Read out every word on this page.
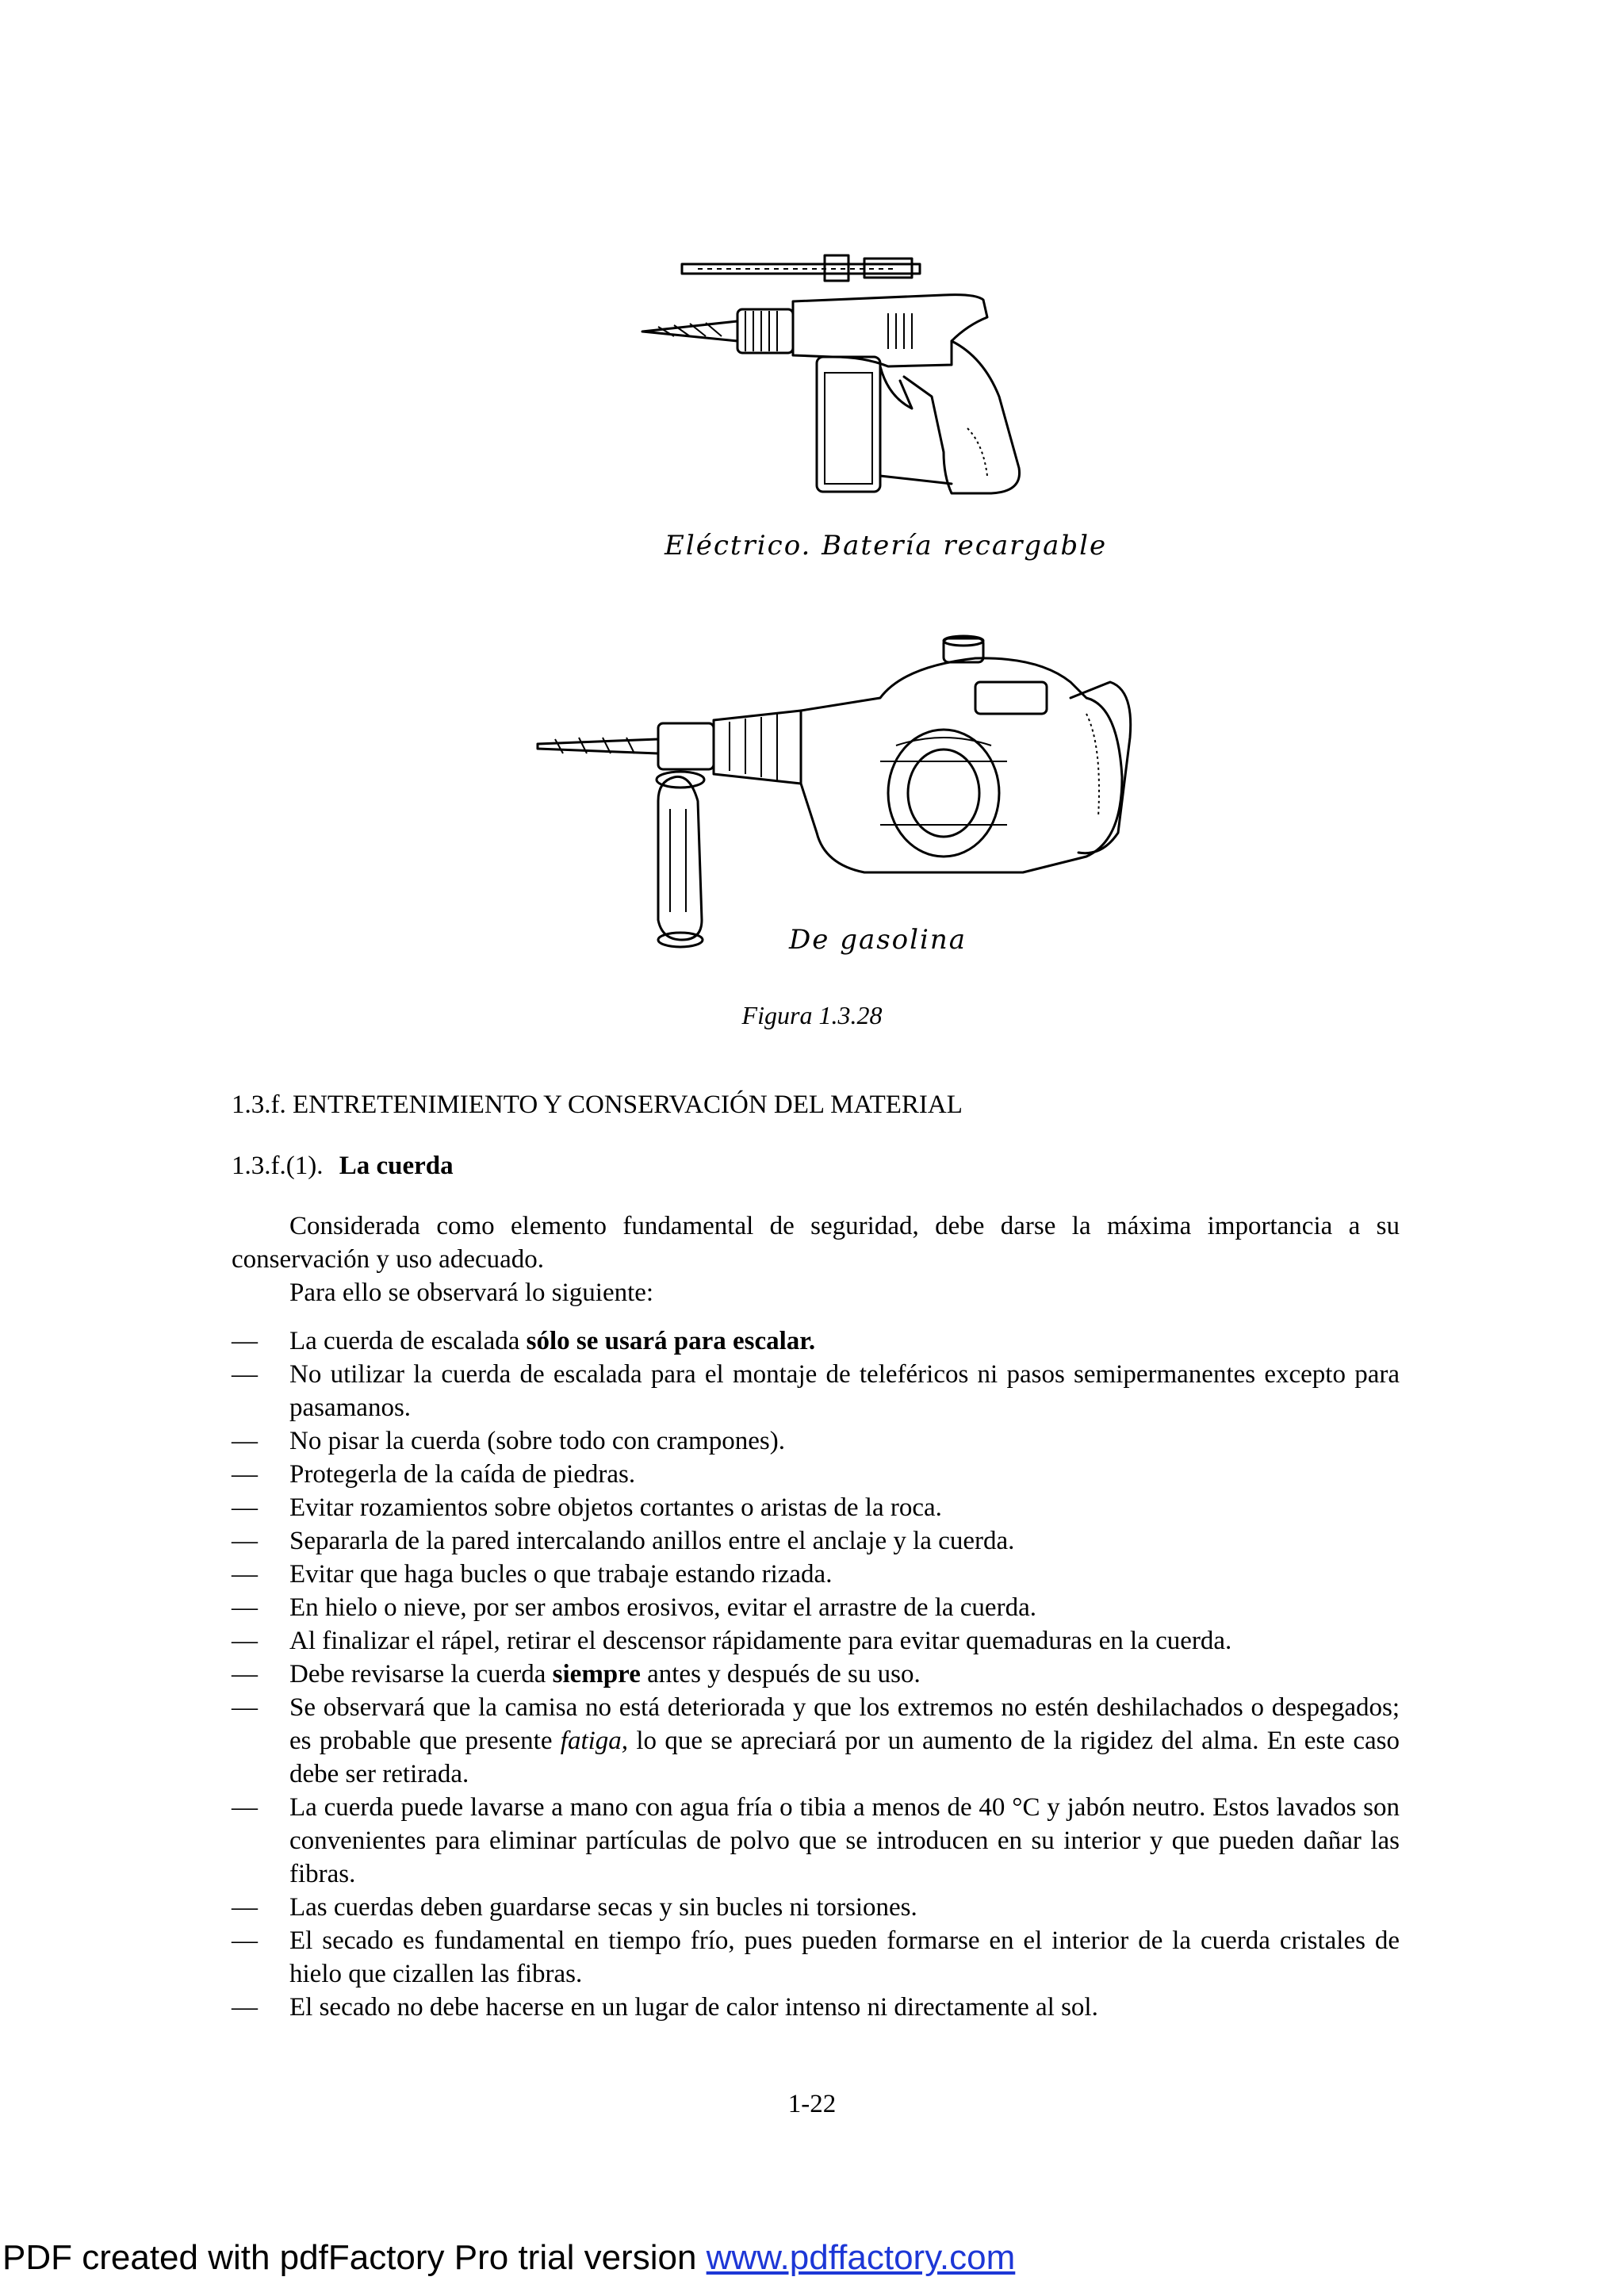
Eléctrico. Batería recargable
De gasolina
Figura 1.3.28
1.3.f. ENTRETENIMIENTO Y CONSERVACIÓN DEL MATERIAL
1.3.f.(1). La cuerda
Considerada como elemento fundamental de seguridad, debe darse la máxima importancia a su conservación y uso adecuado.
Para ello se observará lo siguiente:
— La cuerda de escalada sólo se usará para escalar.
— No utilizar la cuerda de escalada para el montaje de teleféricos ni pasos semipermanentes excepto para pasamanos.
— No pisar la cuerda (sobre todo con crampones).
— Protegerla de la caída de piedras.
— Evitar rozamientos sobre objetos cortantes o aristas de la roca.
— Separarla de la pared intercalando anillos entre el anclaje y la cuerda.
— Evitar que haga bucles o que trabaje estando rizada.
— En hielo o nieve, por ser ambos erosivos, evitar el arrastre de la cuerda.
— Al finalizar el rápel, retirar el descensor rápidamente para evitar quemaduras en la cuerda.
— Debe revisarse la cuerda siempre antes y después de su uso.
— Se observará que la camisa no está deteriorada y que los extremos no estén deshilachados o despegados; es probable que presente fatiga, lo que se apreciará por un aumento de la rigidez del alma. En este caso debe ser retirada.
— La cuerda puede lavarse a mano con agua fría o tibia a menos de 40 °C y jabón neutro. Estos lavados son convenientes para eliminar partículas de polvo que se introducen en su interior y que pueden dañar las fibras.
— Las cuerdas deben guardarse secas y sin bucles ni torsiones.
— El secado es fundamental en tiempo frío, pues pueden formarse en el interior de la cuerda cristales de hielo que cizallen las fibras.
— El secado no debe hacerse en un lugar de calor intenso ni directamente al sol.
1-22
PDF created with pdfFactory Pro trial version www.pdffactory.com
